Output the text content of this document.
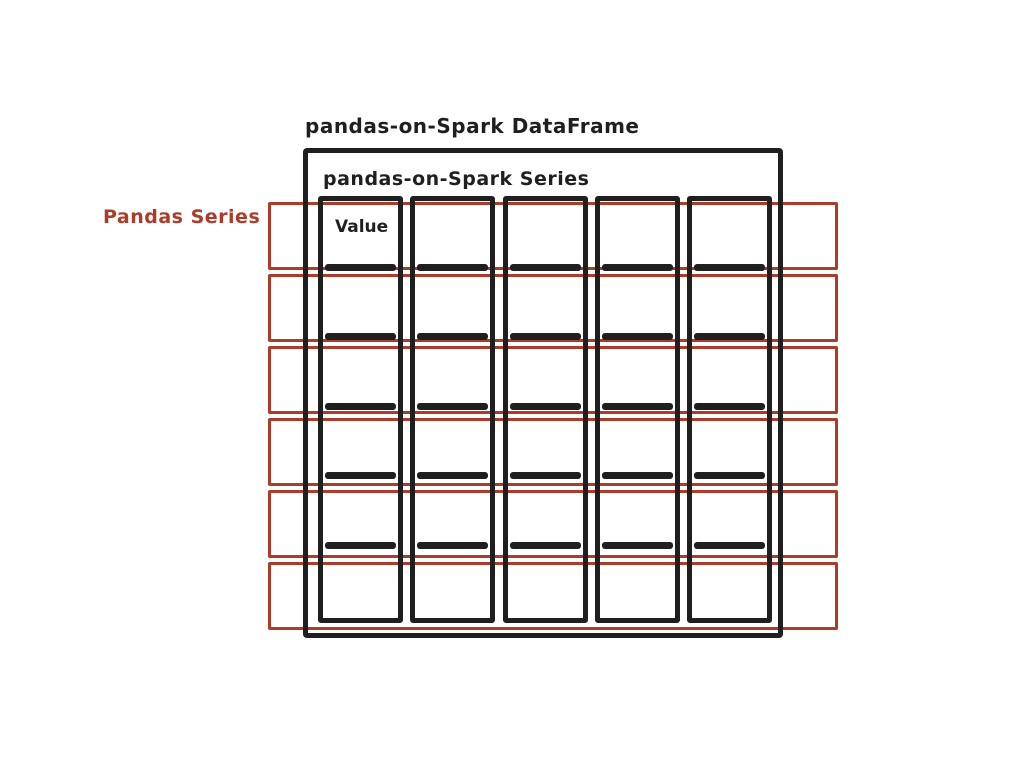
pandas-on-Spark DataFrame
Pandas Series
pandas-on-Spark Series
Value
